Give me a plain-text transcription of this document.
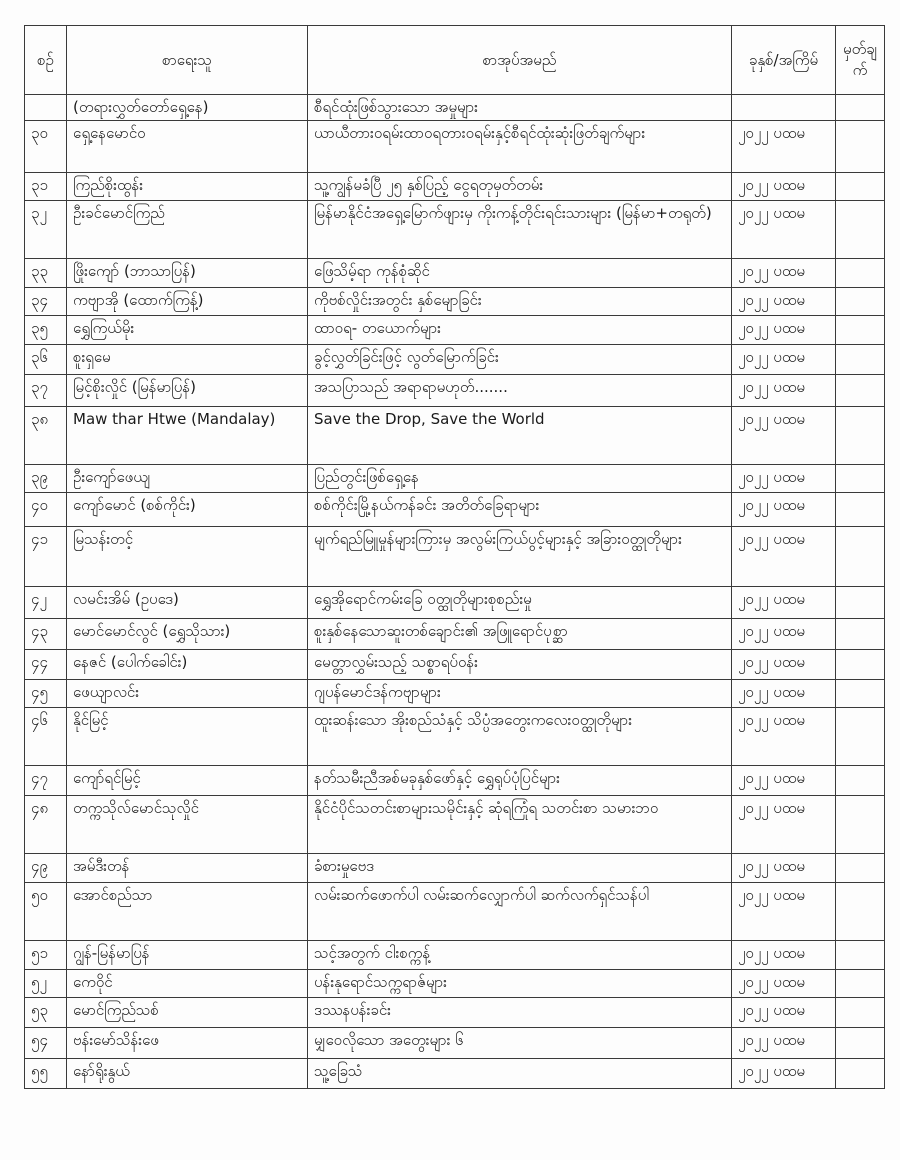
စဉ်	စာရေးသူ	စာအုပ်အမည်	ခုနှစ်/အကြိမ်	မှတ်ချက်
	(တရားလွှတ်တော်ရှေ့နေ)	စီရင်ထုံးဖြစ်သွားသော အမှုများ		
၃၀	ရှေ့နေမောင်ဝ	ယာယီတားဝရမ်းထာဝရတားဝရမ်းနှင့်စီရင်ထုံးဆုံးဖြတ်ချက်များ	၂၀၂၂ ပထမ	
၃၁	ကြည်စိုးထွန်း	သူ့ကျွန်မခံပြီ ၂၅ နှစ်ပြည့် ငွေရတုမှတ်တမ်း	၂၀၂၂ ပထမ	
၃၂	ဦးခင်မောင်ကြည်	မြန်မာနိုင်ငံအရှေ့မြောက်ဖျားမှ ကိုးကန့်တိုင်းရင်းသားများ (မြန်မာ+တရုတ်)	၂၀၂၂ ပထမ	
၃၃	ဖြိုးကျော် (ဘာသာပြန်)	ဖြေသိမ့်ရာ ကုန်စုံဆိုင်	၂၀၂၂ ပထမ	
၃၄	ကဗျာအို (ထောက်ကြန့်)	ကိုဗစ်လှိုင်းအတွင်း နှစ်မျောခြင်း	၂၀၂၂ ပထမ	
၃၅	ရွှေကြယ်မိုး	ထာဝရ- တယောက်များ	၂၀၂၂ ပထမ	
၃၆	စူးရှမေ	ခွင့်လွှတ်ခြင်းဖြင့် လွတ်မြောက်ခြင်း	၂၀၂၂ ပထမ	
၃၇	မြင့်စိုးလှိုင် (မြန်မာပြန်)	အသပြာသည် အရာရာမဟုတ်.......	၂၀၂၂ ပထမ	
၃၈	Maw thar Htwe (Mandalay)	Save the Drop, Save the World	၂၀၂၂ ပထမ	
၃၉	ဦးကျော်ဖေယျ	ပြည်တွင်းဖြစ်ရှေ့နေ	၂၀၂၂ ပထမ	
၄၀	ကျော်မောင် (စစ်ကိုင်း)	စစ်ကိုင်းမြို့နယ်ကန်ခင်း အတိတ်ခြေရာများ	၂၀၂၂ ပထမ	
၄၁	မြသန်းတင့်	မျက်ရည်မြူမှုန်များကြားမှ အလွမ်းကြယ်ပွင့်များနှင့် အခြားဝတ္ထုတိုများ	၂၀၂၂ ပထမ	
၄၂	လမင်းအိမ် (ဥပဒေ)	ရွှေအိုရောင်ကမ်းခြေ ဝတ္ထုတိုများစုစည်းမှု	၂၀၂၂ ပထမ	
၄၃	မောင်မောင်လွင် (ရွှေသိုသား)	စူးနှစ်နေသောဆူးတစ်ချောင်း၏ အဖြူရောင်ပုစ္ဆာ	၂၀၂၂ ပထမ	
၄၄	နေဇင် (ပေါက်ခေါင်း)	မေတ္တာလွှမ်းသည့် သစ္စာရပ်ဝန်း	၂၀၂၂ ပထမ	
၄၅	ဖေယျာလင်း	ဂျပန်မောင်ဒန်ကဗျာများ	၂၀၂၂ ပထမ	
၄၆	နိုင်မြင့်	ထူးဆန်းသော အိုးစည်သံနှင့် သိပ္ပံအတွေးကလေးဝတ္ထုတိုများ	၂၀၂၂ ပထမ	
၄၇	ကျော်ရင်မြင့်	နတ်သမီးညီအစ်မခုနှစ်ဖော်နှင့် ရွှေရုပ်ပုံပြင်များ	၂၀၂၂ ပထမ	
၄၈	တက္ကသိုလ်မောင်သုလှိုင်	နိုင်ငံပိုင်သတင်းစာများသမိုင်းနှင့် ဆုံရကြုံရ သတင်းစာ သမားဘဝ	၂၀၂၂ ပထမ	
၄၉	အမ်ဒီးတန်	ခံစားမှုဗေဒ	၂၀၂၂ ပထမ	
၅၀	အောင်စည်သာ	လမ်းဆက်ဖောက်ပါ လမ်းဆက်လျှောက်ပါ ဆက်လက်ရှင်သန်ပါ	၂၀၂၂ ပထမ	
၅၁	ဂျွန်-မြန်မာပြန်	သင့်အတွက် ငါးစက္ကန့်	၂၀၂၂ ပထမ	
၅၂	ကေဝိုင်	ပန်းနုရောင်သက္ကရာဇ်များ	၂၀၂၂ ပထမ	
၅၃	မောင်ကြည်သစ်	ဒဿနပန်းခင်း	၂၀၂၂ ပထမ	
၅၄	ဗန်းမော်သိန်းဖေ	မျှဝေလိုသော အတွေးများ ၆	၂၀၂၂ ပထမ	
၅၅	နော်ရိုးနွယ်	သူ့ခြေသံ	၂၀၂၂ ပထမ	
